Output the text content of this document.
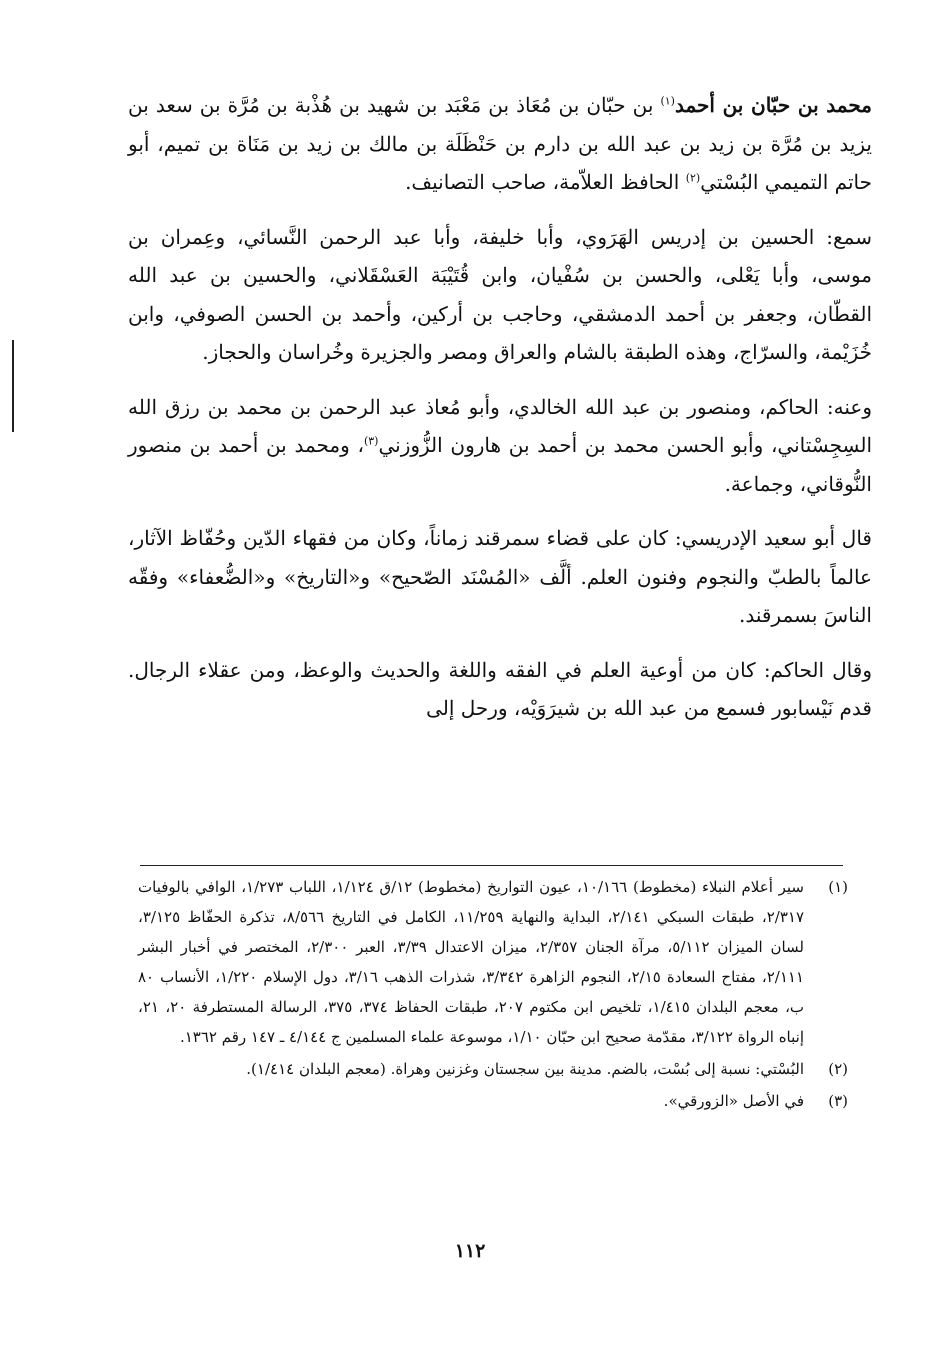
محمد بن حبّان بن أحمد$^{(١)}$ بن حبّان بن مُعَاذ بن مَعْبَد بن شهيد بن هُذْبة بن مُرَّة بن سعد بن يزيد بن مُرَّة بن زيد بن عبد الله بن دارم بن حَنْظَلَة بن مالك بن زيد بن مَنَاة بن تميم، أبو حاتم التميمي البُسْتي$^{(٢)}$ الحافظ العلاّمة، صاحب التصانيف.

سمع: الحسين بن إدريس الهَرَوي، وأبا خليفة، وأبا عبد الرحمن النَّسائي، وعِمران بن موسى، وأبا يَعْلى، والحسن بن سُفْيان، وابن قُتَيْبَة العَسْقَلاني، والحسين بن عبد الله القطّان، وجعفر بن أحمد الدمشقي، وحاجب بن أركين، وأحمد بن الحسن الصوفي، وابن خُزَيْمة، والسرّاج، وهذه الطبقة بالشام والعراق ومصر والجزيرة وخُراسان والحجاز.

وعنه: الحاكم، ومنصور بن عبد الله الخالدي، وأبو مُعاذ عبد الرحمن بن محمد بن رزق الله السِجِسْتاني، وأبو الحسن محمد بن أحمد بن هارون الزُّوزني$^{(٣)}$، ومحمد بن أحمد بن منصور النُّوقاني، وجماعة.

قال أبو سعيد الإدريسي: كان على قضاء سمرقند زماناً، وكان من فقهاء الدّين وحُفّاظ الآثار، عالماً بالطبّ والنجوم وفنون العلم. ألَّف «المُسْنَد الصّحيح» و«التاريخ» و«الضُّعفاء» وفقّه الناسَ بسمرقند.

وقال الحاكم: كان من أوعية العلم في الفقه واللغة والحديث والوعظ، ومن عقلاء الرجال. قدم نَيْسابور فسمع من عبد الله بن شيرَوَيْه، ورحل إلى

(١)
سير أعلام النبلاء (مخطوط) ١٠/١٦٦، عيون التواريخ (مخطوط) ١٢/ق ١/١٢٤، اللباب ١/٢٧٣، الوافي بالوفيات ٢/٣١٧، طبقات السبكي ٢/١٤١، البداية والنهاية ١١/٢٥٩، الكامل في التاريخ ٨/٥٦٦، تذكرة الحفّاظ ٣/١٢٥، لسان الميزان ٥/١١٢، مرآة الجنان ٢/٣٥٧، ميزان الاعتدال ٣/٣٩، العبر ٢/٣٠٠، المختصر في أخبار البشر ٢/١١١، مفتاح السعادة ٢/١٥، النجوم الزاهرة ٣/٣٤٢، شذرات الذهب ٣/١٦، دول الإسلام ١/٢٢٠، الأنساب ٨٠ ب، معجم البلدان ١/٤١٥، تلخيص ابن مكتوم ٢٠٧، طبقات الحفاظ ٣٧٤، ٣٧٥، الرسالة المستطرفة ٢٠، ٢١، إنباه الرواة ٣/١٢٢، مقدّمة صحيح ابن حبّان ١/١٠، موسوعة علماء المسلمين ج ٤/١٤٤ ـ ١٤٧ رقم ١٣٦٢.
(٢)
البُسْتي: نسبة إلى بُسْت، بالضم. مدينة بين سجستان وغزنين وهراة. (معجم البلدان ١/٤١٤).
(٣)
في الأصل «الزورقي».
١١٢
